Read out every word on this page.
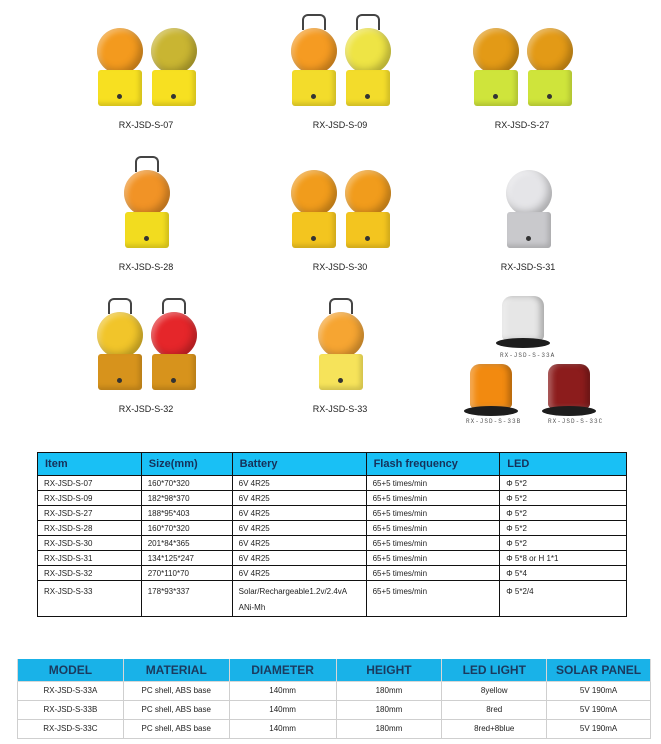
RX-JSD-S-07	RX-JSD-S-09	RX-JSD-S-27
RX-JSD-S-28	RX-JSD-S-30	RX-JSD-S-31
RX-JSD-S-32	RX-JSD-S-33
RX-JSD-S-33A
RX-JSD-S-33B	RX-JSD-S-33C
Item	Size(mm)	Battery	Flash frequency	LED
RX-JSD-S-07	160*70*320	6V 4R25	65+5 times/min	Φ 5*2
RX-JSD-S-09	182*98*370	6V 4R25	65+5 times/min	Φ 5*2
RX-JSD-S-27	188*95*403	6V 4R25	65+5 times/min	Φ 5*2
RX-JSD-S-28	160*70*320	6V 4R25	65+5 times/min	Φ 5*2
RX-JSD-S-30	201*84*365	6V 4R25	65+5 times/min	Φ 5*2
RX-JSD-S-31	134*125*247	6V 4R25	65+5 times/min	Φ 5*8 or H 1*1
RX-JSD-S-32	270*110*70	6V 4R25	65+5 times/min	Φ 5*4
RX-JSD-S-33	178*93*337	Solar/Rechargeable1.2v/2.4vA ANi-Mh	65+5 times/min	Φ 5*2/4
MODEL	MATERIAL	DIAMETER	HEIGHT	LED LIGHT	SOLAR PANEL
RX-JSD-S-33A	PC shell, ABS base	140mm	180mm	8yellow	5V 190mA
RX-JSD-S-33B	PC shell, ABS base	140mm	180mm	8red	5V 190mA
RX-JSD-S-33C	PC shell, ABS base	140mm	180mm	8red+8blue	5V 190mA
